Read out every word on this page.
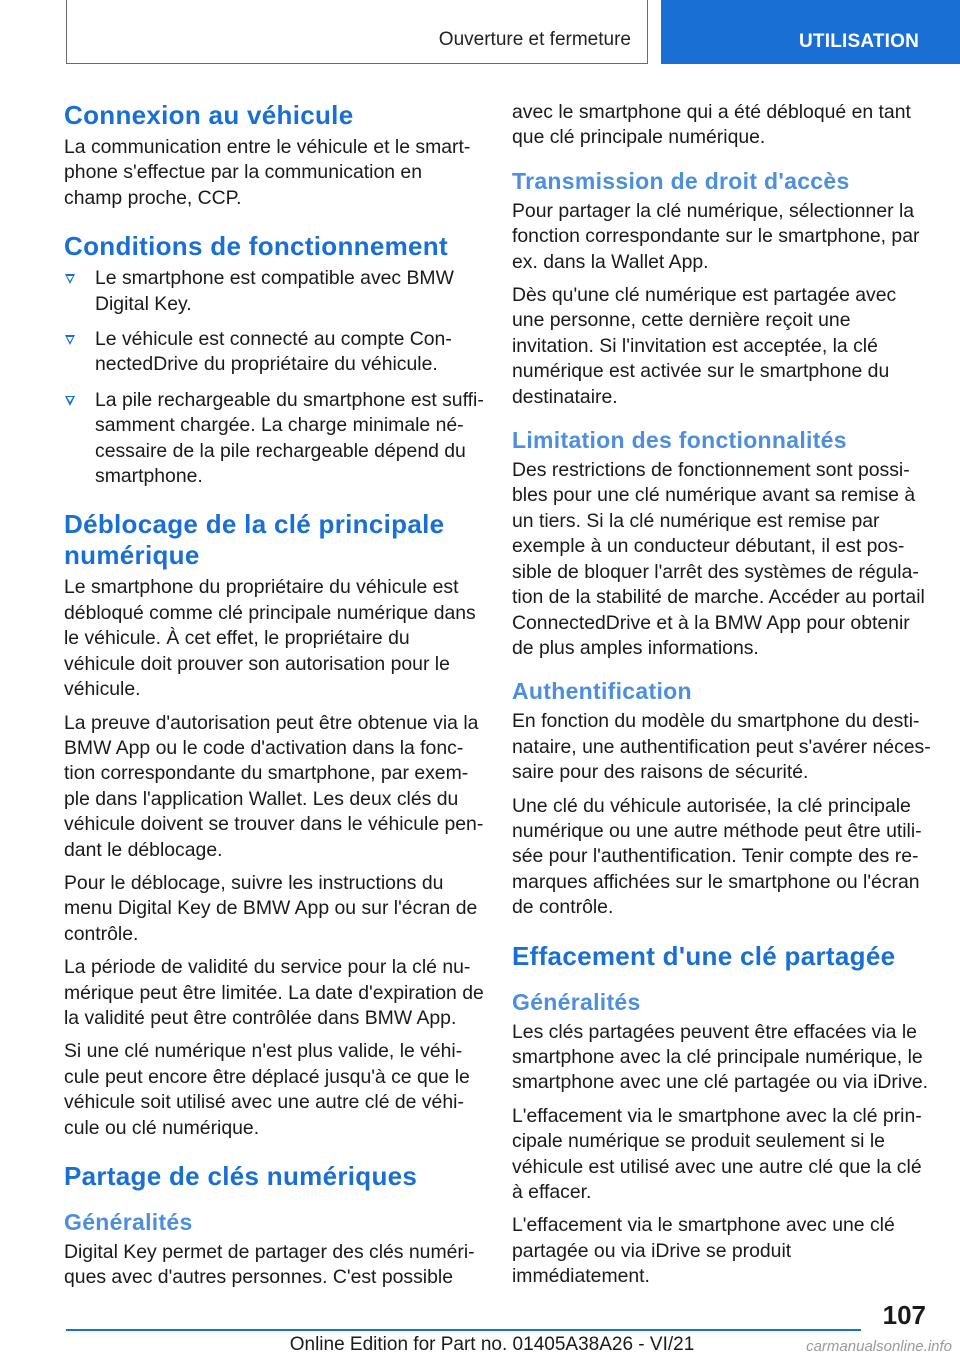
Ouverture et fermeture	UTILISATION
Connexion au véhicule

La communication entre le véhicule et le smartphone s'effectue par la communication en champ proche, CCP.

Conditions de fonctionnement
Le smartphone est compatible avec BMW Digital Key.
Le véhicule est connecté au compte ConnectedDrive du propriétaire du véhicule.
La pile rechargeable du smartphone est suffisamment chargée. La charge minimale nécessaire de la pile rechargeable dépend du smartphone.
Déblocage de la clé principale numérique

Le smartphone du propriétaire du véhicule est débloqué comme clé principale numérique dans le véhicule. À cet effet, le propriétaire du véhicule doit prouver son autorisation pour le véhicule.

La preuve d'autorisation peut être obtenue via la BMW App ou le code d'activation dans la fonction correspondante du smartphone, par exemple dans l'application Wallet. Les deux clés du véhicule doivent se trouver dans le véhicule pendant le déblocage.

Pour le déblocage, suivre les instructions du menu Digital Key de BMW App ou sur l'écran de contrôle.

La période de validité du service pour la clé numérique peut être limitée. La date d'expiration de la validité peut être contrôlée dans BMW App.

Si une clé numérique n'est plus valide, le véhicule peut encore être déplacé jusqu'à ce que le véhicule soit utilisé avec une autre clé de véhicule ou clé numérique.

Partage de clés numériques
Généralités

Digital Key permet de partager des clés numériques avec d'autres personnes. C'est possible

avec le smartphone qui a été débloqué en tant que clé principale numérique.

Transmission de droit d'accès

Pour partager la clé numérique, sélectionner la fonction correspondante sur le smartphone, par ex. dans la Wallet App.

Dès qu'une clé numérique est partagée avec une personne, cette dernière reçoit une invitation. Si l'invitation est acceptée, la clé numérique est activée sur le smartphone du destinataire.

Limitation des fonctionnalités

Des restrictions de fonctionnement sont possibles pour une clé numérique avant sa remise à un tiers. Si la clé numérique est remise par exemple à un conducteur débutant, il est possible de bloquer l'arrêt des systèmes de régulation de la stabilité de marche. Accéder au portail ConnectedDrive et à la BMW App pour obtenir de plus amples informations.

Authentification

En fonction du modèle du smartphone du destinataire, une authentification peut s'avérer nécessaire pour des raisons de sécurité.

Une clé du véhicule autorisée, la clé principale numérique ou une autre méthode peut être utilisée pour l'authentification. Tenir compte des remarques affichées sur le smartphone ou l'écran de contrôle.

Effacement d'une clé partagée
Généralités

Les clés partagées peuvent être effacées via le smartphone avec la clé principale numérique, le smartphone avec une clé partagée ou via iDrive.

L'effacement via le smartphone avec la clé principale numérique se produit seulement si le véhicule est utilisé avec une autre clé que la clé à effacer.

L'effacement via le smartphone avec une clé partagée ou via iDrive se produit immédiatement.

107
Online Edition for Part no. 01405A38A26 - VI/21	carmanualsonline.info
